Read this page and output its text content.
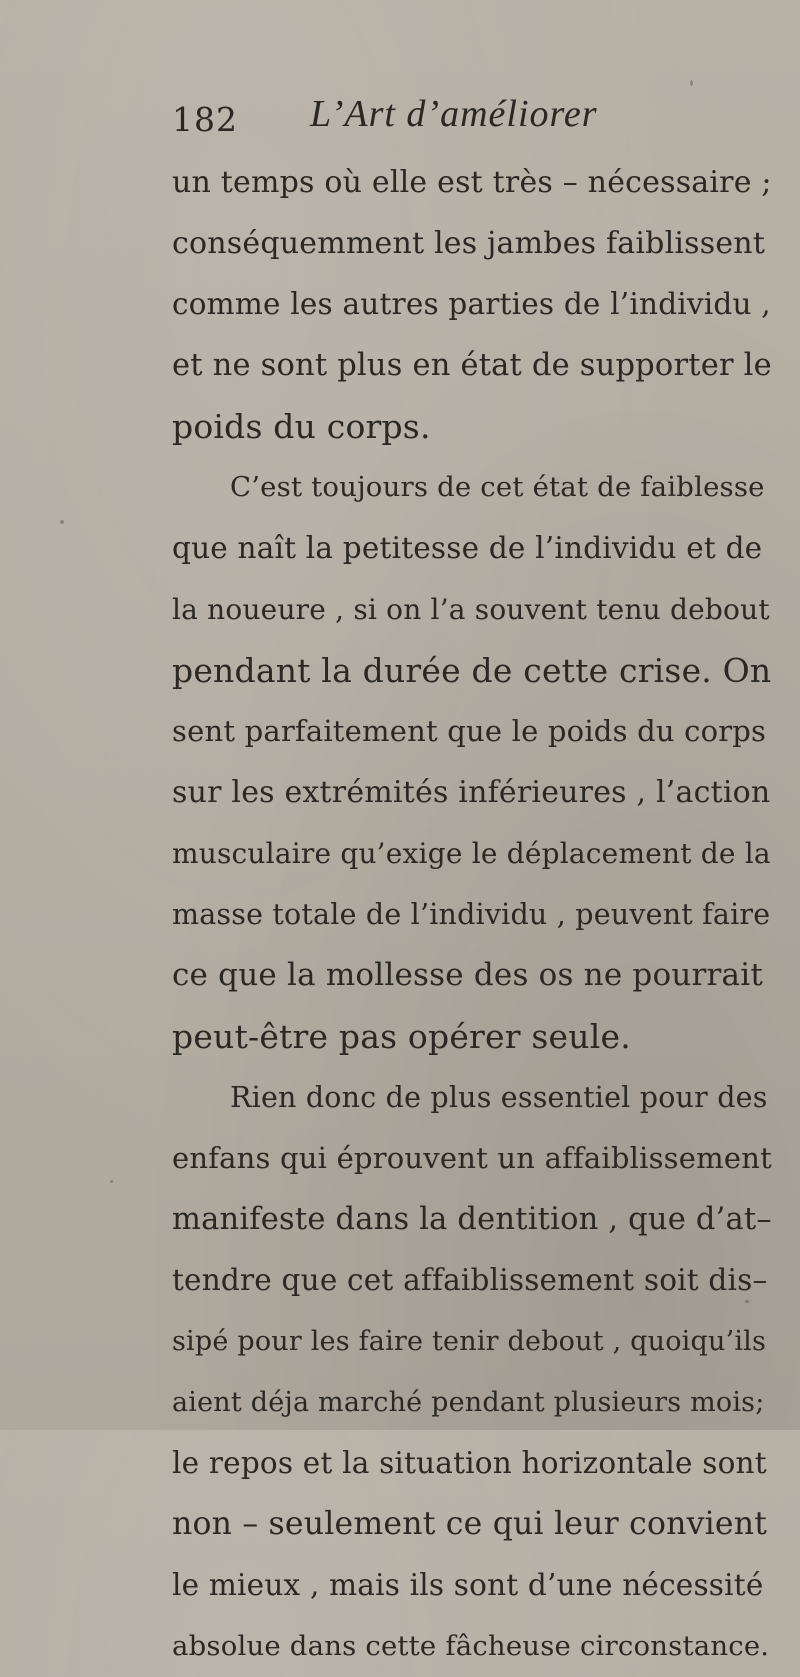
182 L’Art d’améliorer
un temps où elle est très – nécessaire ;
conséquemment les jambes faiblissent
comme les autres parties de l’individu ,
et ne sont plus en état de supporter le
poids du corps.
C’est toujours de cet état de faiblesse
que naît la petitesse de l’individu et de
la noueure , si on l’a souvent tenu debout
pendant la durée de cette crise. On
sent parfaitement que le poids du corps
sur les extrémités inférieures , l’action
musculaire qu’exige le déplacement de la
masse totale de l’individu , peuvent faire
ce que la mollesse des os ne pourrait
peut-être pas opérer seule.
Rien donc de plus essentiel pour des
enfans qui éprouvent un affaiblissement
manifeste dans la dentition , que d’at–
tendre que cet affaiblissement soit dis–
sipé pour les faire tenir debout , quoiqu’ils
aient déja marché pendant plusieurs mois;
le repos et la situation horizontale sont
non – seulement ce qui leur convient
le mieux , mais ils sont d’une nécessité
absolue dans cette fâcheuse circonstance.
